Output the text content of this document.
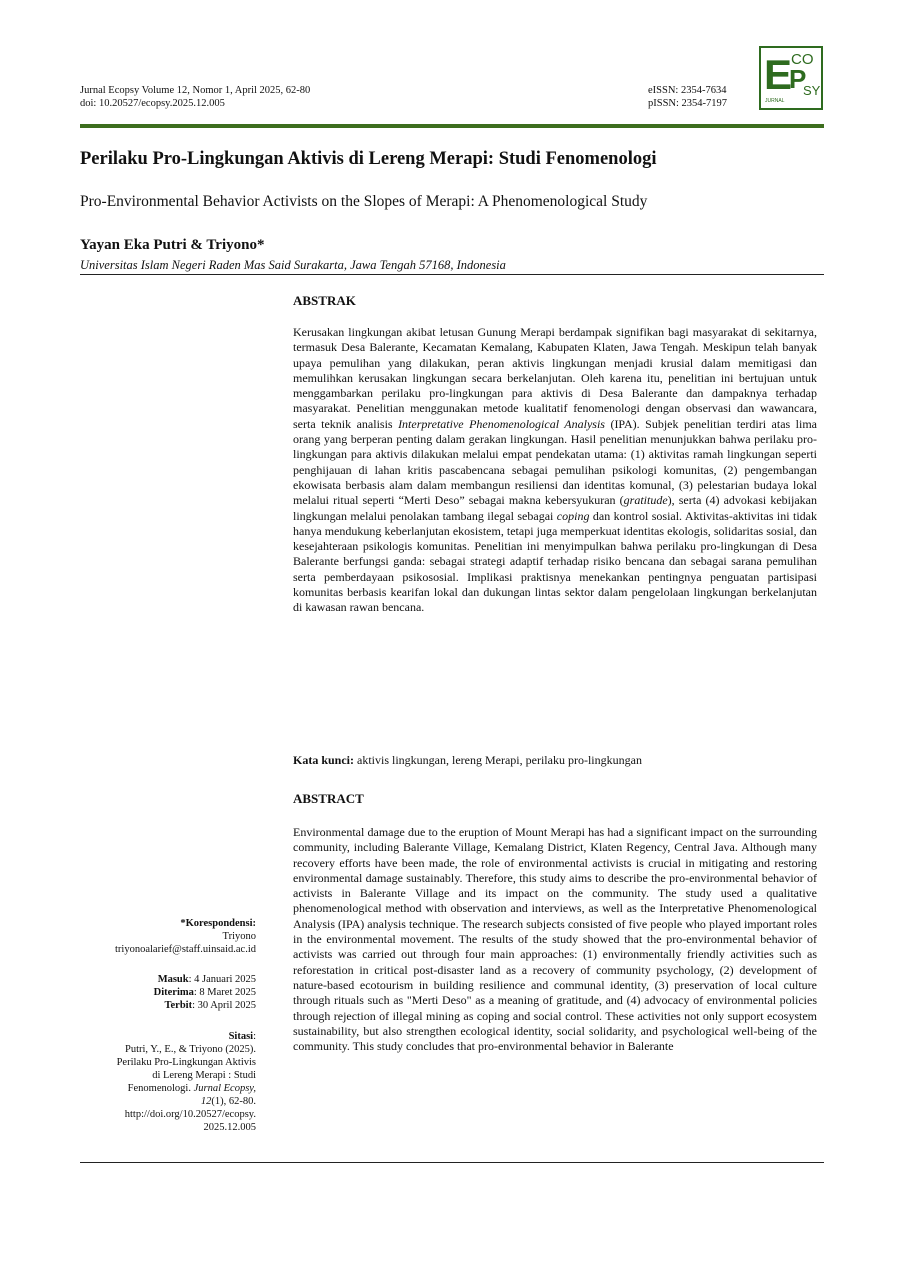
Jurnal Ecopsy Volume 12, Nomor 1, April 2025, 62-80
doi: 10.20527/ecopsy.2025.12.005
eISSN: 2354-7634
pISSN: 2354-7197
E
CO
P
SY
JURNAL
Perilaku Pro-Lingkungan Aktivis di Lereng Merapi: Studi Fenomenologi
Pro-Environmental Behavior Activists on the Slopes of Merapi: A Phenomenological Study
Yayan Eka Putri & Triyono*
Universitas Islam Negeri Raden Mas Said Surakarta, Jawa Tengah 57168, Indonesia
ABSTRAK
Kerusakan lingkungan akibat letusan Gunung Merapi berdampak signifikan bagi masyarakat di sekitarnya, termasuk Desa Balerante, Kecamatan Kemalang, Kabupaten Klaten, Jawa Tengah. Meskipun telah banyak upaya pemulihan yang dilakukan, peran aktivis lingkungan menjadi krusial dalam memitigasi dan memulihkan kerusakan lingkungan secara berkelanjutan. Oleh karena itu, penelitian ini bertujuan untuk menggambarkan perilaku pro-lingkungan para aktivis di Desa Balerante dan dampaknya terhadap masyarakat. Penelitian menggunakan metode kualitatif fenomenologi dengan observasi dan wawancara, serta teknik analisis Interpretative Phenomenological Analysis (IPA). Subjek penelitian terdiri atas lima orang yang berperan penting dalam gerakan lingkungan. Hasil penelitian menunjukkan bahwa perilaku pro-lingkungan para aktivis dilakukan melalui empat pendekatan utama: (1) aktivitas ramah lingkungan seperti penghijauan di lahan kritis pascabencana sebagai pemulihan psikologi komunitas, (2) pengembangan ekowisata berbasis alam dalam membangun resiliensi dan identitas komunal, (3) pelestarian budaya lokal melalui ritual seperti “Merti Deso” sebagai makna kebersyukuran (gratitude), serta (4) advokasi kebijakan lingkungan melalui penolakan tambang ilegal sebagai coping dan kontrol sosial. Aktivitas-aktivitas ini tidak hanya mendukung keberlanjutan ekosistem, tetapi juga memperkuat identitas ekologis, solidaritas sosial, dan kesejahteraan psikologis komunitas. Penelitian ini menyimpulkan bahwa perilaku pro-lingkungan di Desa Balerante berfungsi ganda: sebagai strategi adaptif terhadap risiko bencana dan sebagai sarana pemulihan serta pemberdayaan psikososial. Implikasi praktisnya menekankan pentingnya penguatan partisipasi komunitas berbasis kearifan lokal dan dukungan lintas sektor dalam pengelolaan lingkungan berkelanjutan di kawasan rawan bencana.
Kata kunci: aktivis lingkungan, lereng Merapi, perilaku pro-lingkungan
ABSTRACT
Environmental damage due to the eruption of Mount Merapi has had a significant impact on the surrounding community, including Balerante Village, Kemalang District, Klaten Regency, Central Java. Although many recovery efforts have been made, the role of environmental activists is crucial in mitigating and restoring environmental damage sustainably. Therefore, this study aims to describe the pro-environmental behavior of activists in Balerante Village and its impact on the community. The study used a qualitative phenomenological method with observation and interviews, as well as the Interpretative Phenomenological Analysis (IPA) analysis technique. The research subjects consisted of five people who played important roles in the environmental movement. The results of the study showed that the pro-environmental behavior of activists was carried out through four main approaches: (1) environmentally friendly activities such as reforestation in critical post-disaster land as a recovery of community psychology, (2) development of nature-based ecotourism in building resilience and communal identity, (3) preservation of local culture through rituals such as "Merti Deso" as a meaning of gratitude, and (4) advocacy of environmental policies through rejection of illegal mining as coping and social control. These activities not only support ecosystem sustainability, but also strengthen ecological identity, social solidarity, and psychological well-being of the community. This study concludes that pro-environmental behavior in Balerante
*Korespondensi:
Triyono
triyonoalarief@staff.uinsaid.ac.id
Masuk: 4 Januari 2025
Diterima: 8 Maret 2025
Terbit: 30 April 2025
Sitasi:
Putri, Y., E., & Triyono (2025).
Perilaku Pro-Lingkungan Aktivis
di Lereng Merapi : Studi
Fenomenologi. Jurnal Ecopsy,
12(1), 62-80.
http://doi.org/10.20527/ecopsy.
2025.12.005
